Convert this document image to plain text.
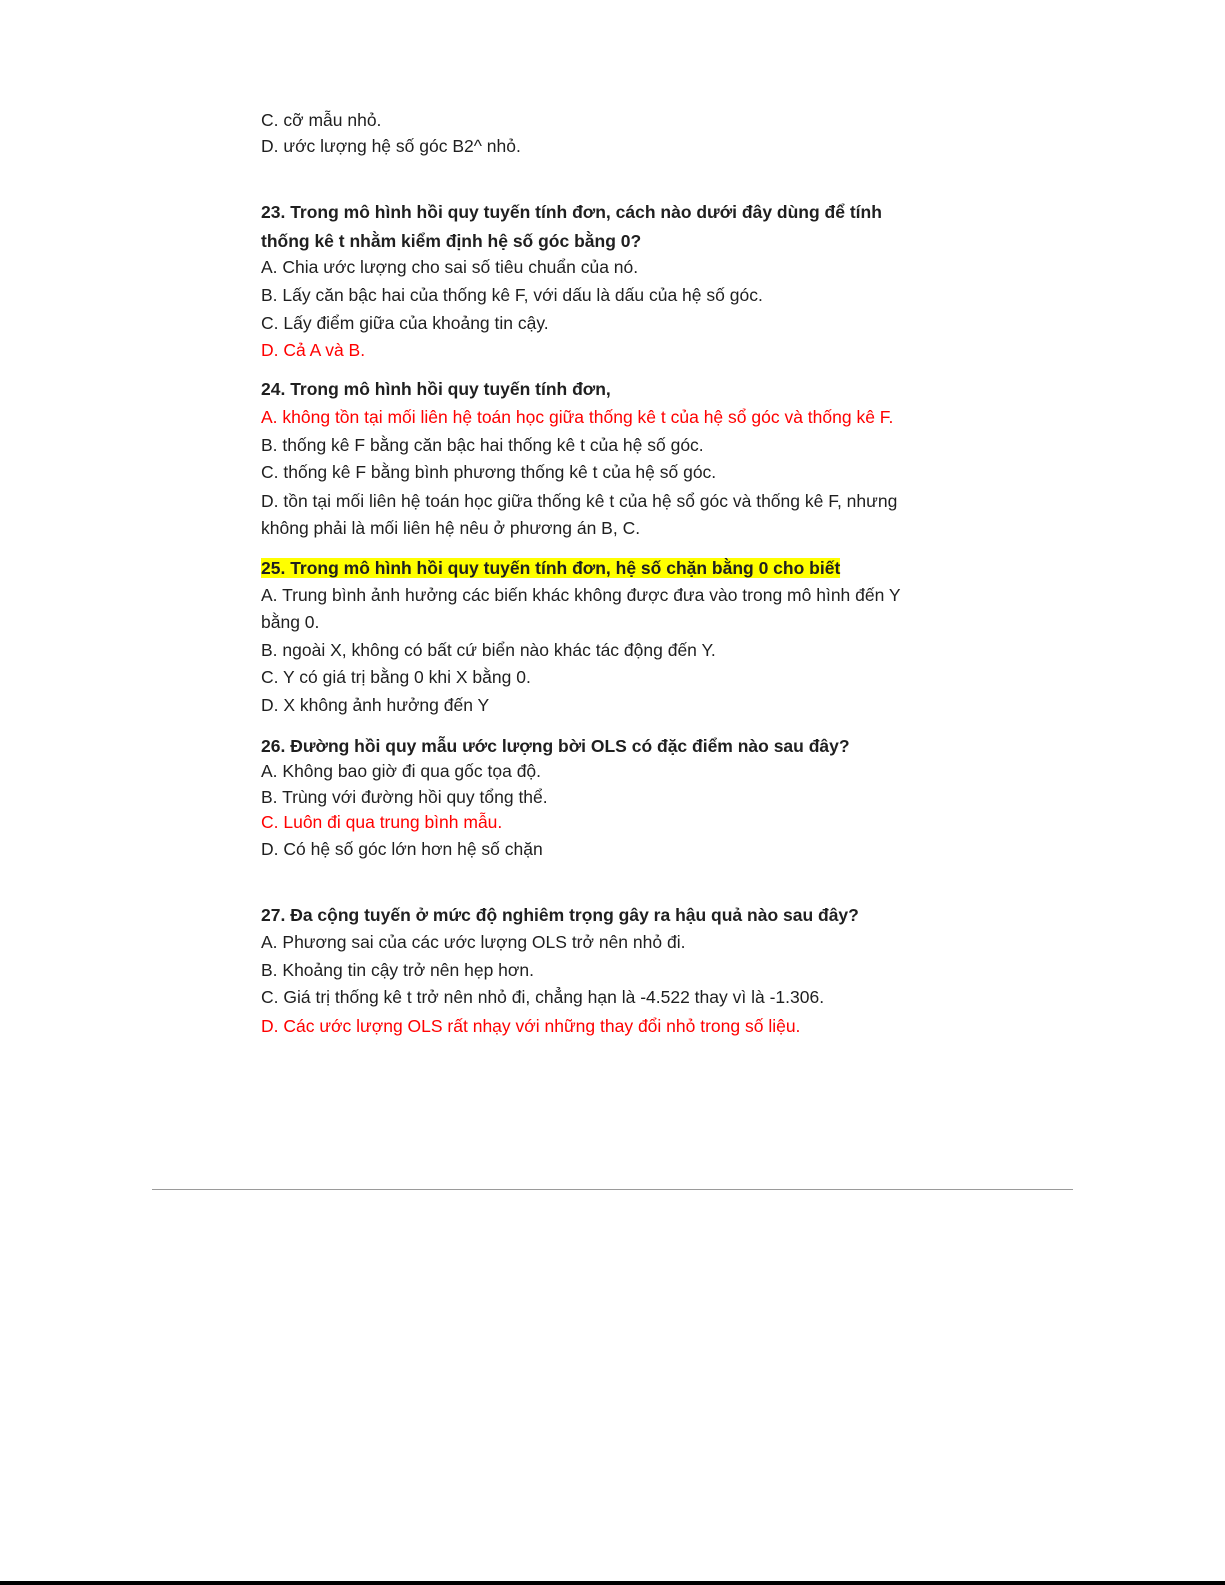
C. cỡ mẫu nhỏ.
D. ước lượng hệ số góc B2^ nhỏ.
23. Trong mô hình hồi quy tuyến tính đơn, cách nào dưới đây dùng để tính
thống kê t nhằm kiểm định hệ số góc bằng 0?
A. Chia ước lượng cho sai số tiêu chuẩn của nó.
B. Lấy căn bậc hai của thống kê F, với dấu là dấu của hệ số góc.
C. Lấy điểm giữa của khoảng tin cậy.
D. Cả A và B.
24. Trong mô hình hồi quy tuyến tính đơn,
A. không tồn tại mối liên hệ toán học giữa thống kê t của hệ sổ góc và thống kê F.
B. thống kê F bằng căn bậc hai thống kê t của hệ số góc.
C. thống kê F bằng bình phương thống kê t của hệ số góc.
D. tồn tại mối liên hệ toán học giữa thống kê t của hệ sổ góc và thống kê F, nhưng
không phải là mối liên hệ nêu ở phương án B, C.
25. Trong mô hình hồi quy tuyến tính đơn, hệ số chặn bằng 0 cho biết
A. Trung bình ảnh hưởng các biến khác không được đưa vào trong mô hình đến Y
bằng 0.
B. ngoài X, không có bất cứ biển nào khác tác động đến Y.
C. Y có giá trị bằng 0 khi X bằng 0.
D. X không ảnh hưởng đến Y
26. Đường hồi quy mẫu ước lượng bời OLS có đặc điểm nào sau đây?
A. Không bao giờ đi qua gốc tọa độ.
B. Trùng với đường hồi quy tổng thể.
C. Luôn đi qua trung bình mẫu.
D. Có hệ số góc lớn hơn hệ số chặn
27. Đa cộng tuyến ở mức độ nghiêm trọng gây ra hậu quả nào sau đây?
A. Phương sai của các ước lượng OLS trở nên nhỏ đi.
B. Khoảng tin cậy trở nên hẹp hơn.
C. Giá trị thống kê t trở nên nhỏ đi, chẳng hạn là -4.522 thay vì là -1.306.
D. Các ước lượng OLS rất nhạy với những thay đổi nhỏ trong số liệu.
